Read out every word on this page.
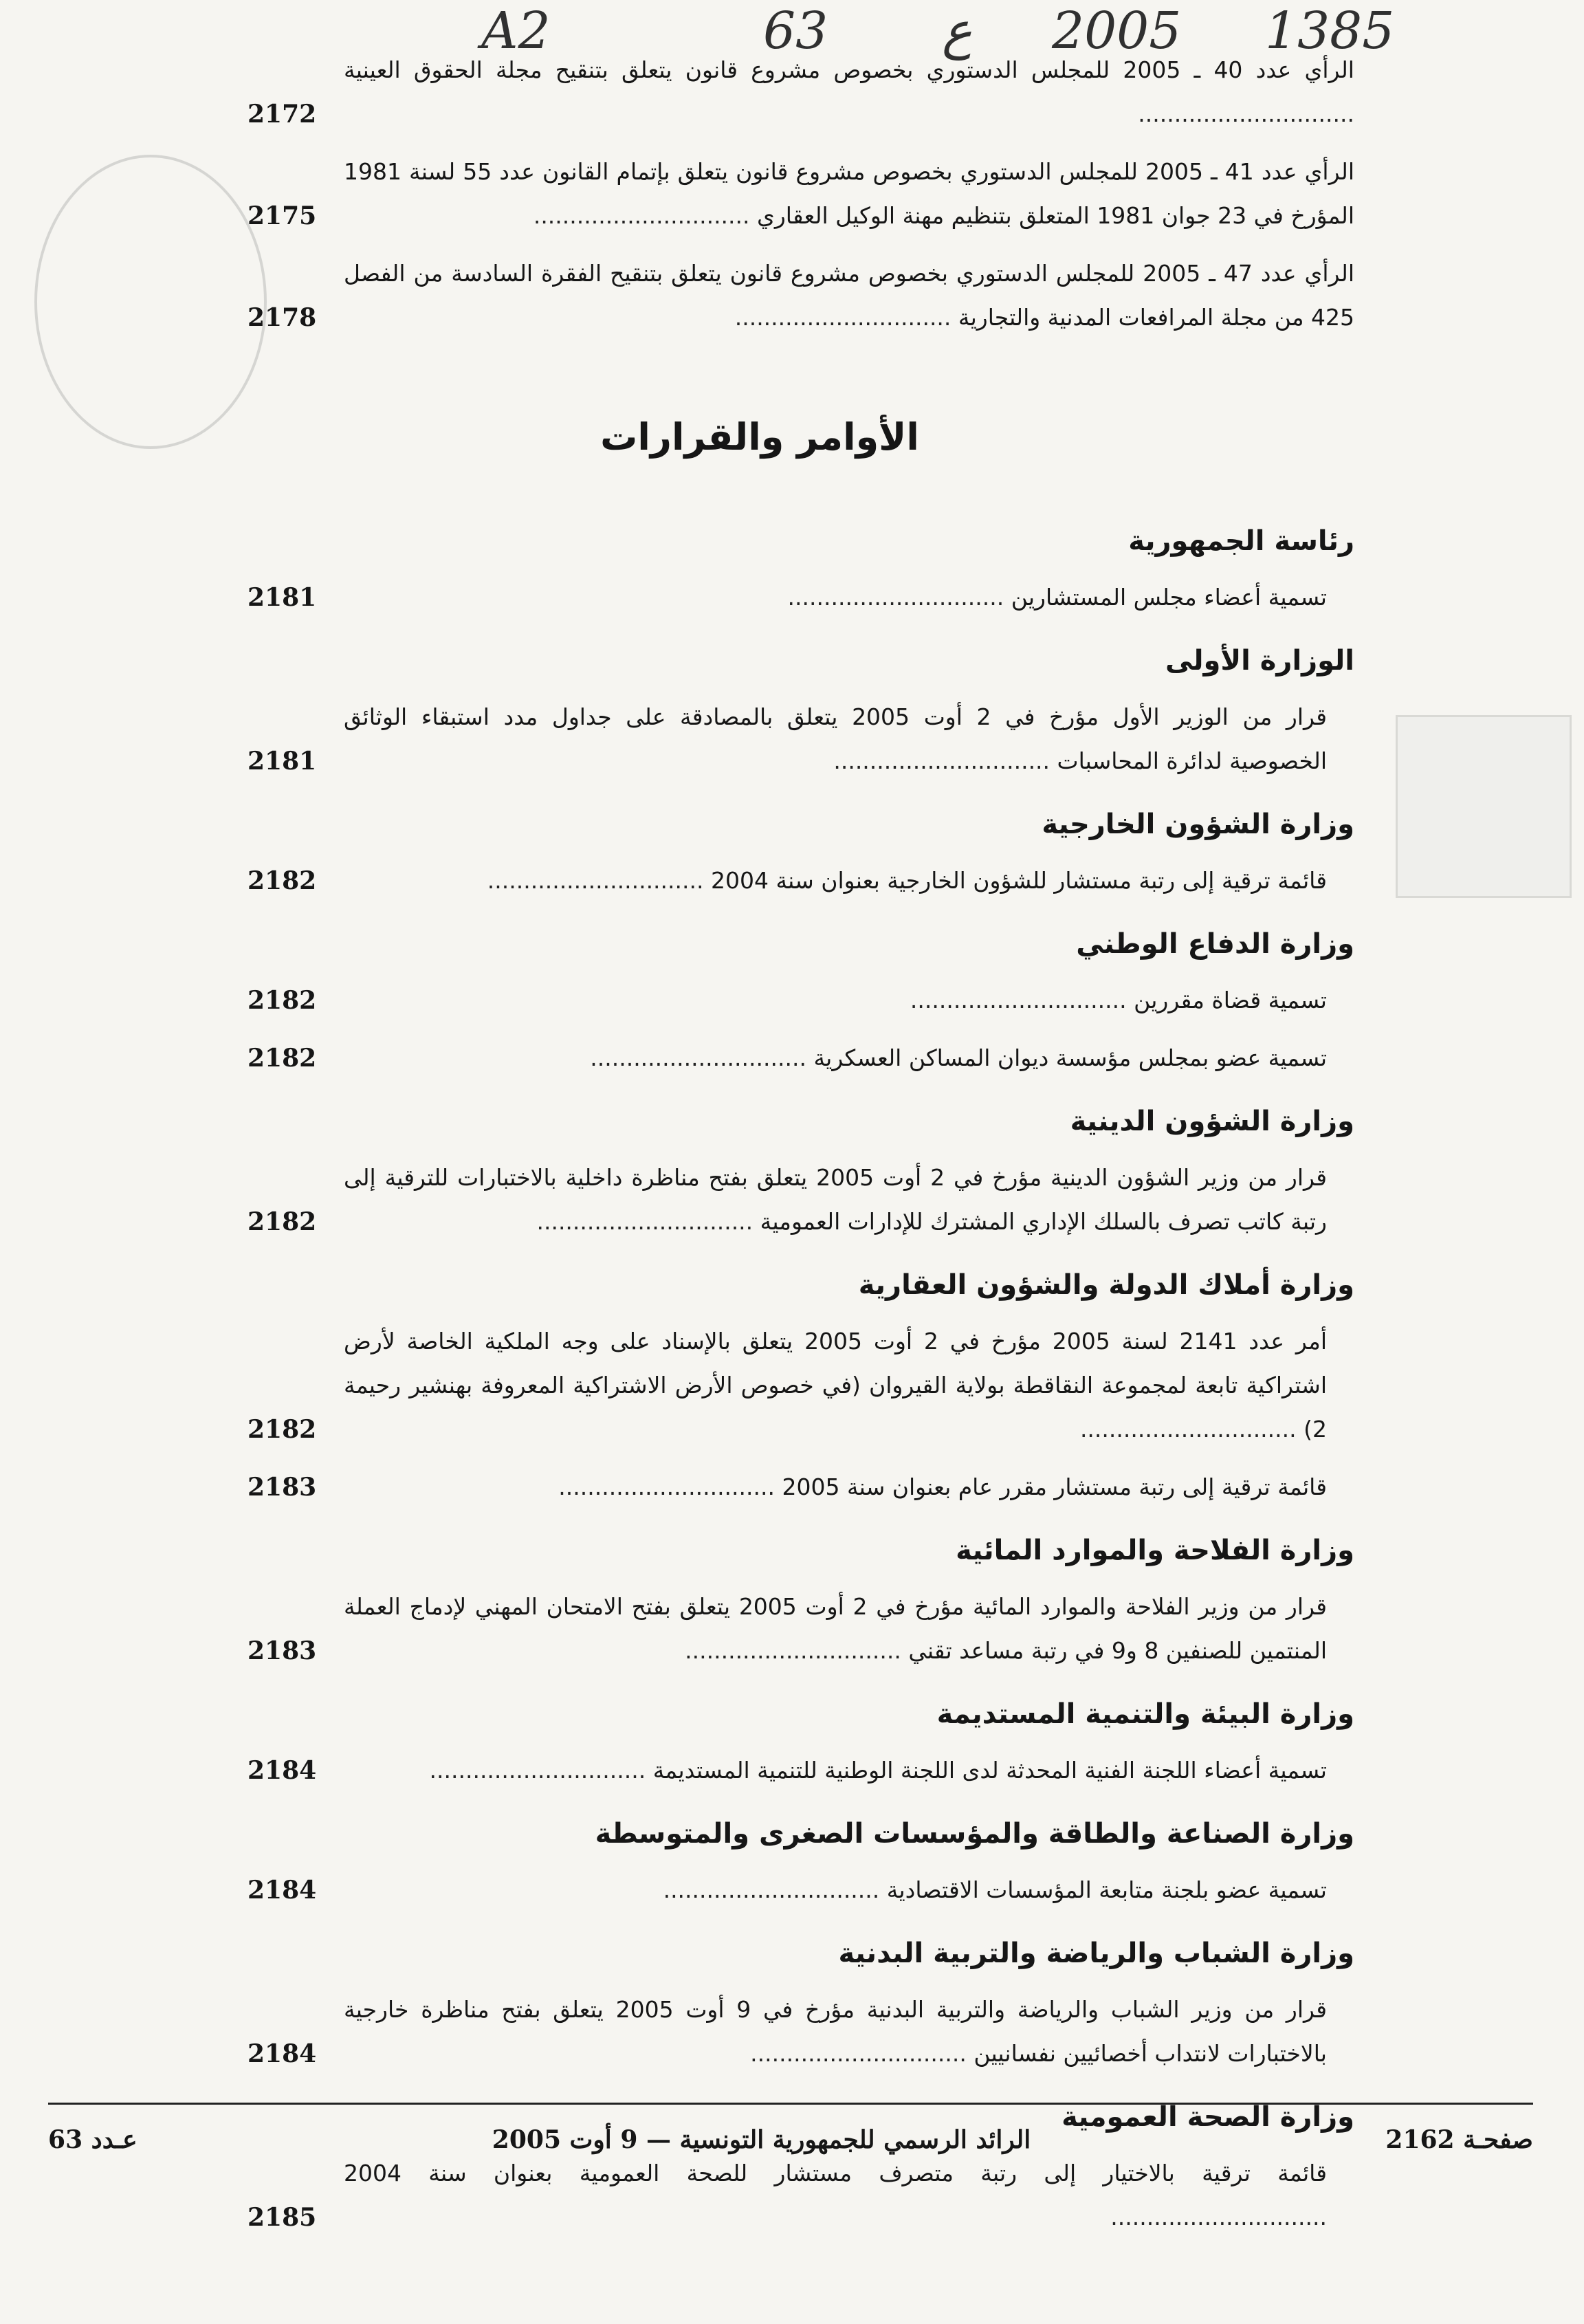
A2	63 ع 2005 1385
الرأي عدد 40 ـ 2005 للمجلس الدستوري بخصوص مشروع قانون يتعلق بتنقيح مجلة الحقوق العينية ..............................
2172
الرأي عدد 41 ـ 2005 للمجلس الدستوري بخصوص مشروع قانون يتعلق بإتمام القانون عدد 55 لسنة 1981 المؤرخ في 23 جوان 1981 المتعلق بتنظيم مهنة الوكيل العقاري ..............................
2175
الرأي عدد 47 ـ 2005 للمجلس الدستوري بخصوص مشروع قانون يتعلق بتنقيح الفقرة السادسة من الفصل 425 من مجلة المرافعات المدنية والتجارية ..............................
2178
الأوامر والقرارات
رئاسة الجمهورية
تسمية أعضاء مجلس المستشارين ..............................
2181
الوزارة الأولى
قرار من الوزير الأول مؤرخ في 2 أوت 2005 يتعلق بالمصادقة على جداول مدد استبقاء الوثائق الخصوصية لدائرة المحاسبات ..............................
2181
وزارة الشؤون الخارجية
قائمة ترقية إلى رتبة مستشار للشؤون الخارجية بعنوان سنة 2004 ..............................
2182
وزارة الدفاع الوطني
تسمية قضاة مقررين ..............................
2182
تسمية عضو بمجلس مؤسسة ديوان المساكن العسكرية ..............................
2182
وزارة الشؤون الدينية
قرار من وزير الشؤون الدينية مؤرخ في 2 أوت 2005 يتعلق بفتح مناظرة داخلية بالاختبارات للترقية إلى رتبة كاتب تصرف بالسلك الإداري المشترك للإدارات العمومية ..............................
2182
وزارة أملاك الدولة والشؤون العقارية
أمر عدد 2141 لسنة 2005 مؤرخ في 2 أوت 2005 يتعلق بالإسناد على وجه الملكية الخاصة لأرض اشتراكية تابعة لمجموعة النقاقطة بولاية القيروان (في خصوص الأرض الاشتراكية المعروفة بهنشير رحيمة 2) ..............................
2182
قائمة ترقية إلى رتبة مستشار مقرر عام بعنوان سنة 2005 ..............................
2183
وزارة الفلاحة والموارد المائية
قرار من وزير الفلاحة والموارد المائية مؤرخ في 2 أوت 2005 يتعلق بفتح الامتحان المهني لإدماج العملة المنتمين للصنفين 8 و9 في رتبة مساعد تقني ..............................
2183
وزارة البيئة والتنمية المستديمة
تسمية أعضاء اللجنة الفنية المحدثة لدى اللجنة الوطنية للتنمية المستديمة ..............................
2184
وزارة الصناعة والطاقة والمؤسسات الصغرى والمتوسطة
تسمية عضو بلجنة متابعة المؤسسات الاقتصادية ..............................
2184
وزارة الشباب والرياضة والتربية البدنية
قرار من وزير الشباب والرياضة والتربية البدنية مؤرخ في 9 أوت 2005 يتعلق بفتح مناظرة خارجية بالاختبارات لانتداب أخصائيين نفسانيين ..............................
2184
وزارة الصحة العمومية
قائمة ترقية بالاختيار إلى رتبة متصرف مستشار للصحة العمومية بعنوان سنة 2004 ..............................
2185
صفحـة 2162
الرائد الرسمي للجمهورية التونسية — 9 أوت 2005
عـدد 63
